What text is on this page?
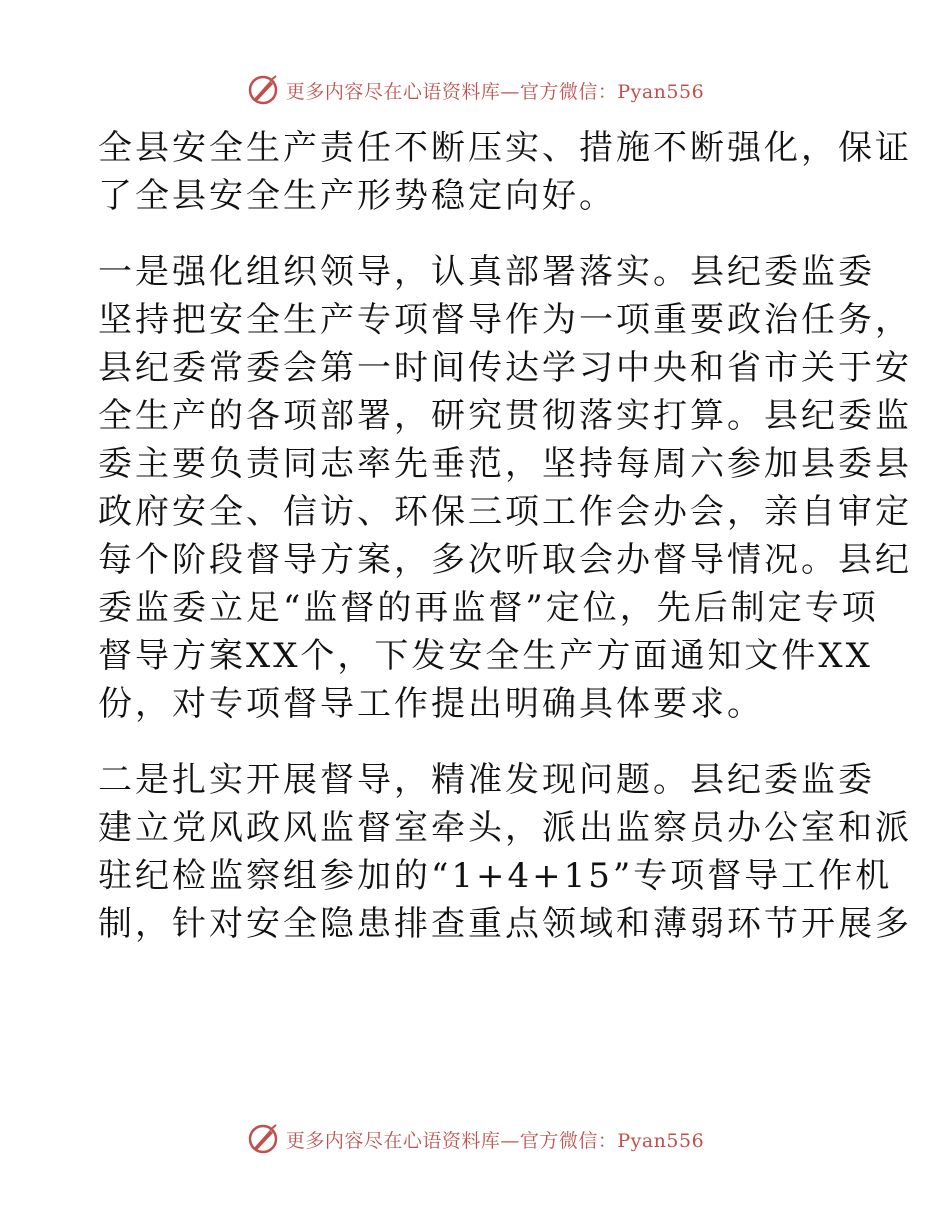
更多内容尽在心语资料库—官方微信：Pyan556

全县安全生产责任不断压实、措施不断强化，保证
了全县安全生产形势稳定向好。

一是强化组织领导，认真部署落实。县纪委监委
坚持把安全生产专项督导作为一项重要政治任务，
县纪委常委会第一时间传达学习中央和省市关于安
全生产的各项部署，研究贯彻落实打算。县纪委监
委主要负责同志率先垂范，坚持每周六参加县委县
政府安全、信访、环保三项工作会办会，亲自审定
每个阶段督导方案，多次听取会办督导情况。县纪
委监委立足“监督的再监督”定位，先后制定专项
督导方案XX个，下发安全生产方面通知文件XX
份，对专项督导工作提出明确具体要求。

二是扎实开展督导，精准发现问题。县纪委监委
建立党风政风监督室牵头，派出监察员办公室和派
驻纪检监察组参加的“1+4+15”专项督导工作机
制，针对安全隐患排查重点领域和薄弱环节开展多

更多内容尽在心语资料库—官方微信：Pyan556
